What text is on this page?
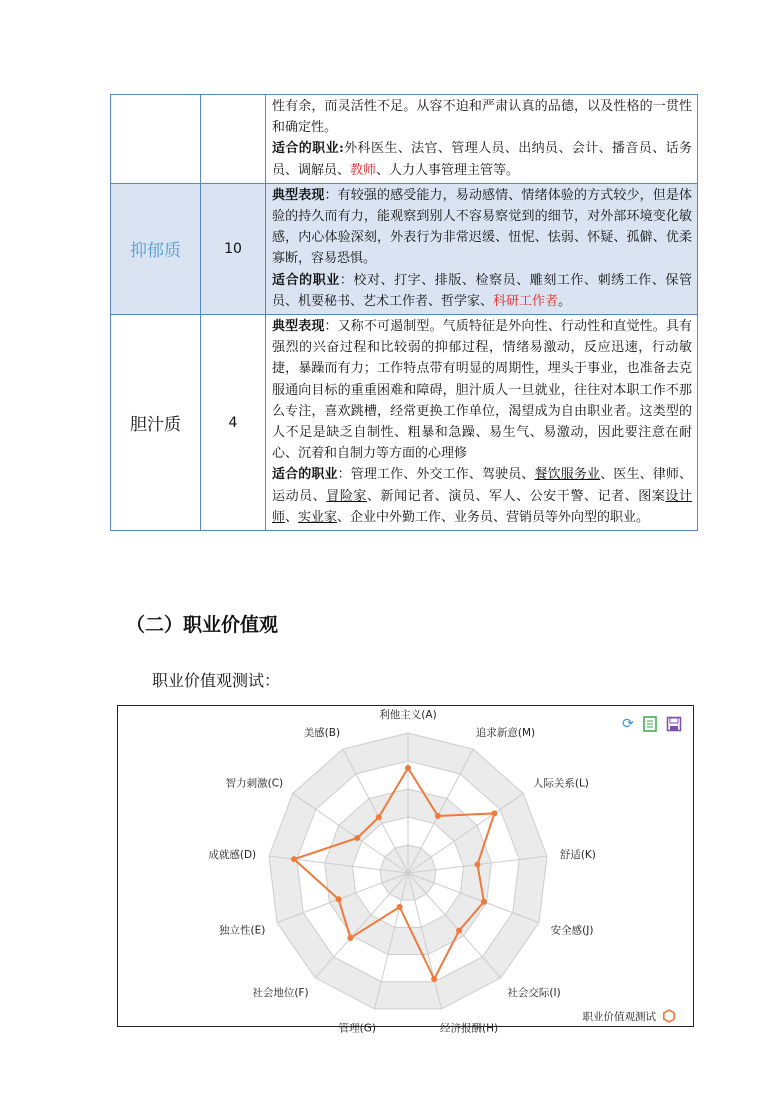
		性有余，而灵活性不足。从容不迫和严肃认真的品德，以及性格的一贯性和确定性。
适合的职业:外科医生、法官、管理人员、出纳员、会计、播音员、话务员、调解员、教师、人力人事管理主管等。
抑郁质	10	典型表现：有较强的感受能力，易动感情、情绪体验的方式较少，但是体验的持久而有力，能观察到别人不容易察觉到的细节，对外部环境变化敏感，内心体验深刻，外表行为非常迟缓、忸怩、怯弱、怀疑、孤僻、优柔寡断，容易恐惧。
适合的职业：校对、打字、排版、检察员、雕刻工作、刺绣工作、保管员、机要秘书、艺术工作者、哲学家、科研工作者。
胆汁质	4	典型表现：又称不可遏制型。气质特征是外向性、行动性和直觉性。具有强烈的兴奋过程和比较弱的抑郁过程，情绪易激动，反应迅速，行动敏捷，暴躁而有力；工作特点带有明显的周期性，埋头于事业，也准备去克服通向目标的重重困难和障碍，胆汁质人一旦就业，往往对本职工作不那么专注，喜欢跳槽，经常更换工作单位，渴望成为自由职业者。这类型的人不足是缺乏自制性、粗暴和急躁、易生气、易激动，因此要注意在耐心、沉着和自制力等方面的心理修
适合的职业：管理工作、外交工作、驾驶员、餐饮服务业、医生、律师、运动员、冒险家、新闻记者、演员、军人、公安干警、记者、图案设计师、实业家、企业中外勤工作、业务员、营销员等外向型的职业。
（二）职业价值观
职业价值观测试：
利他主义(A)
追求新意(M)
人际关系(L)
舒适(K)
安全感(J)
社会交际(I)
经济报酬(H)
管理(G)
社会地位(F)
独立性(E)
成就感(D)
智力刺激(C)
美感(B)
职业价值观测试
⟳
